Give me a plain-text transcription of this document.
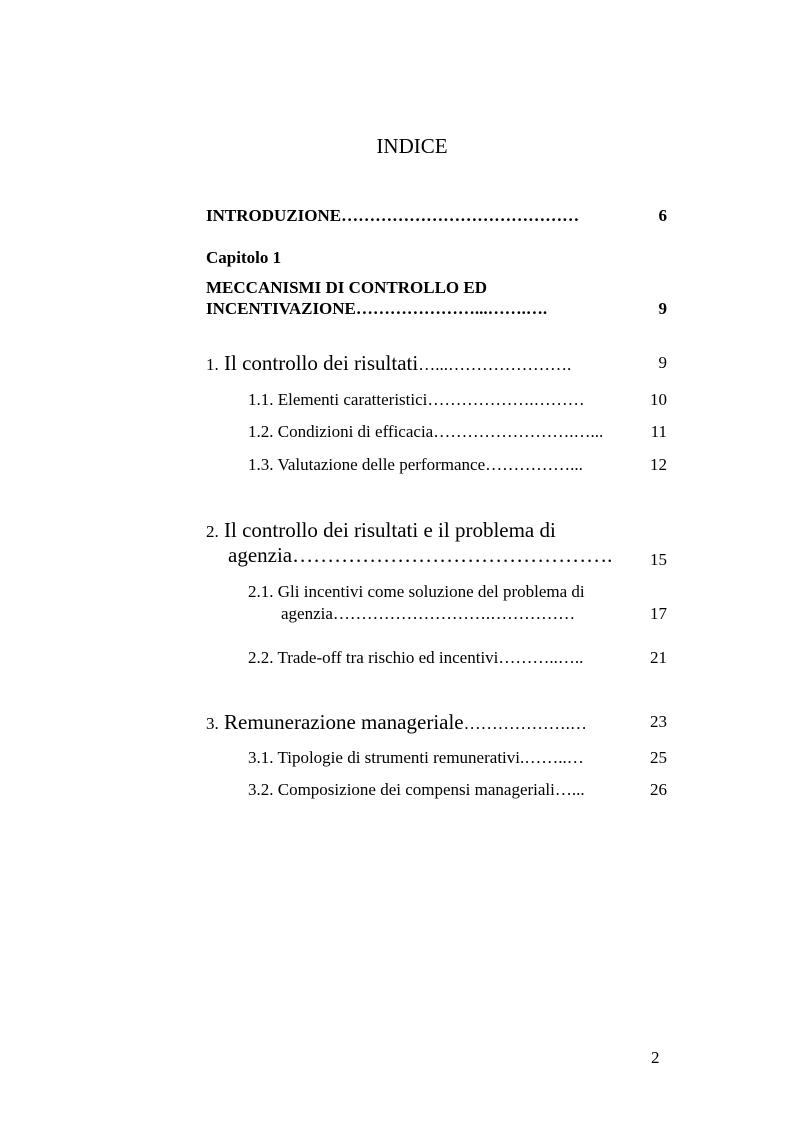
INDICE
INTRODUZIONE……………………………………	6
Capitolo 1
MECCANISMI DI CONTROLLO ED
INCENTIVAZIONE…………………...…….….	9
1. Il controllo dei risultati…...………………….	9
1.1. Elementi caratteristici……………….………	10
1.2. Condizioni di efficacia…………………….…...	11
1.3. Valutazione delle performance……………...	12
2. Il controllo dei risultati e il problema di
agenzia……………………………………….	15
2.1. Gli incentivi come soluzione del problema di
agenzia……………………….……………	17
2.2. Trade-off tra rischio ed incentivi………..…..	21
3. Remunerazione manageriale……………….…	23
3.1. Tipologie di strumenti remunerativi.……..…	25
3.2. Composizione dei compensi manageriali…...	26
2
